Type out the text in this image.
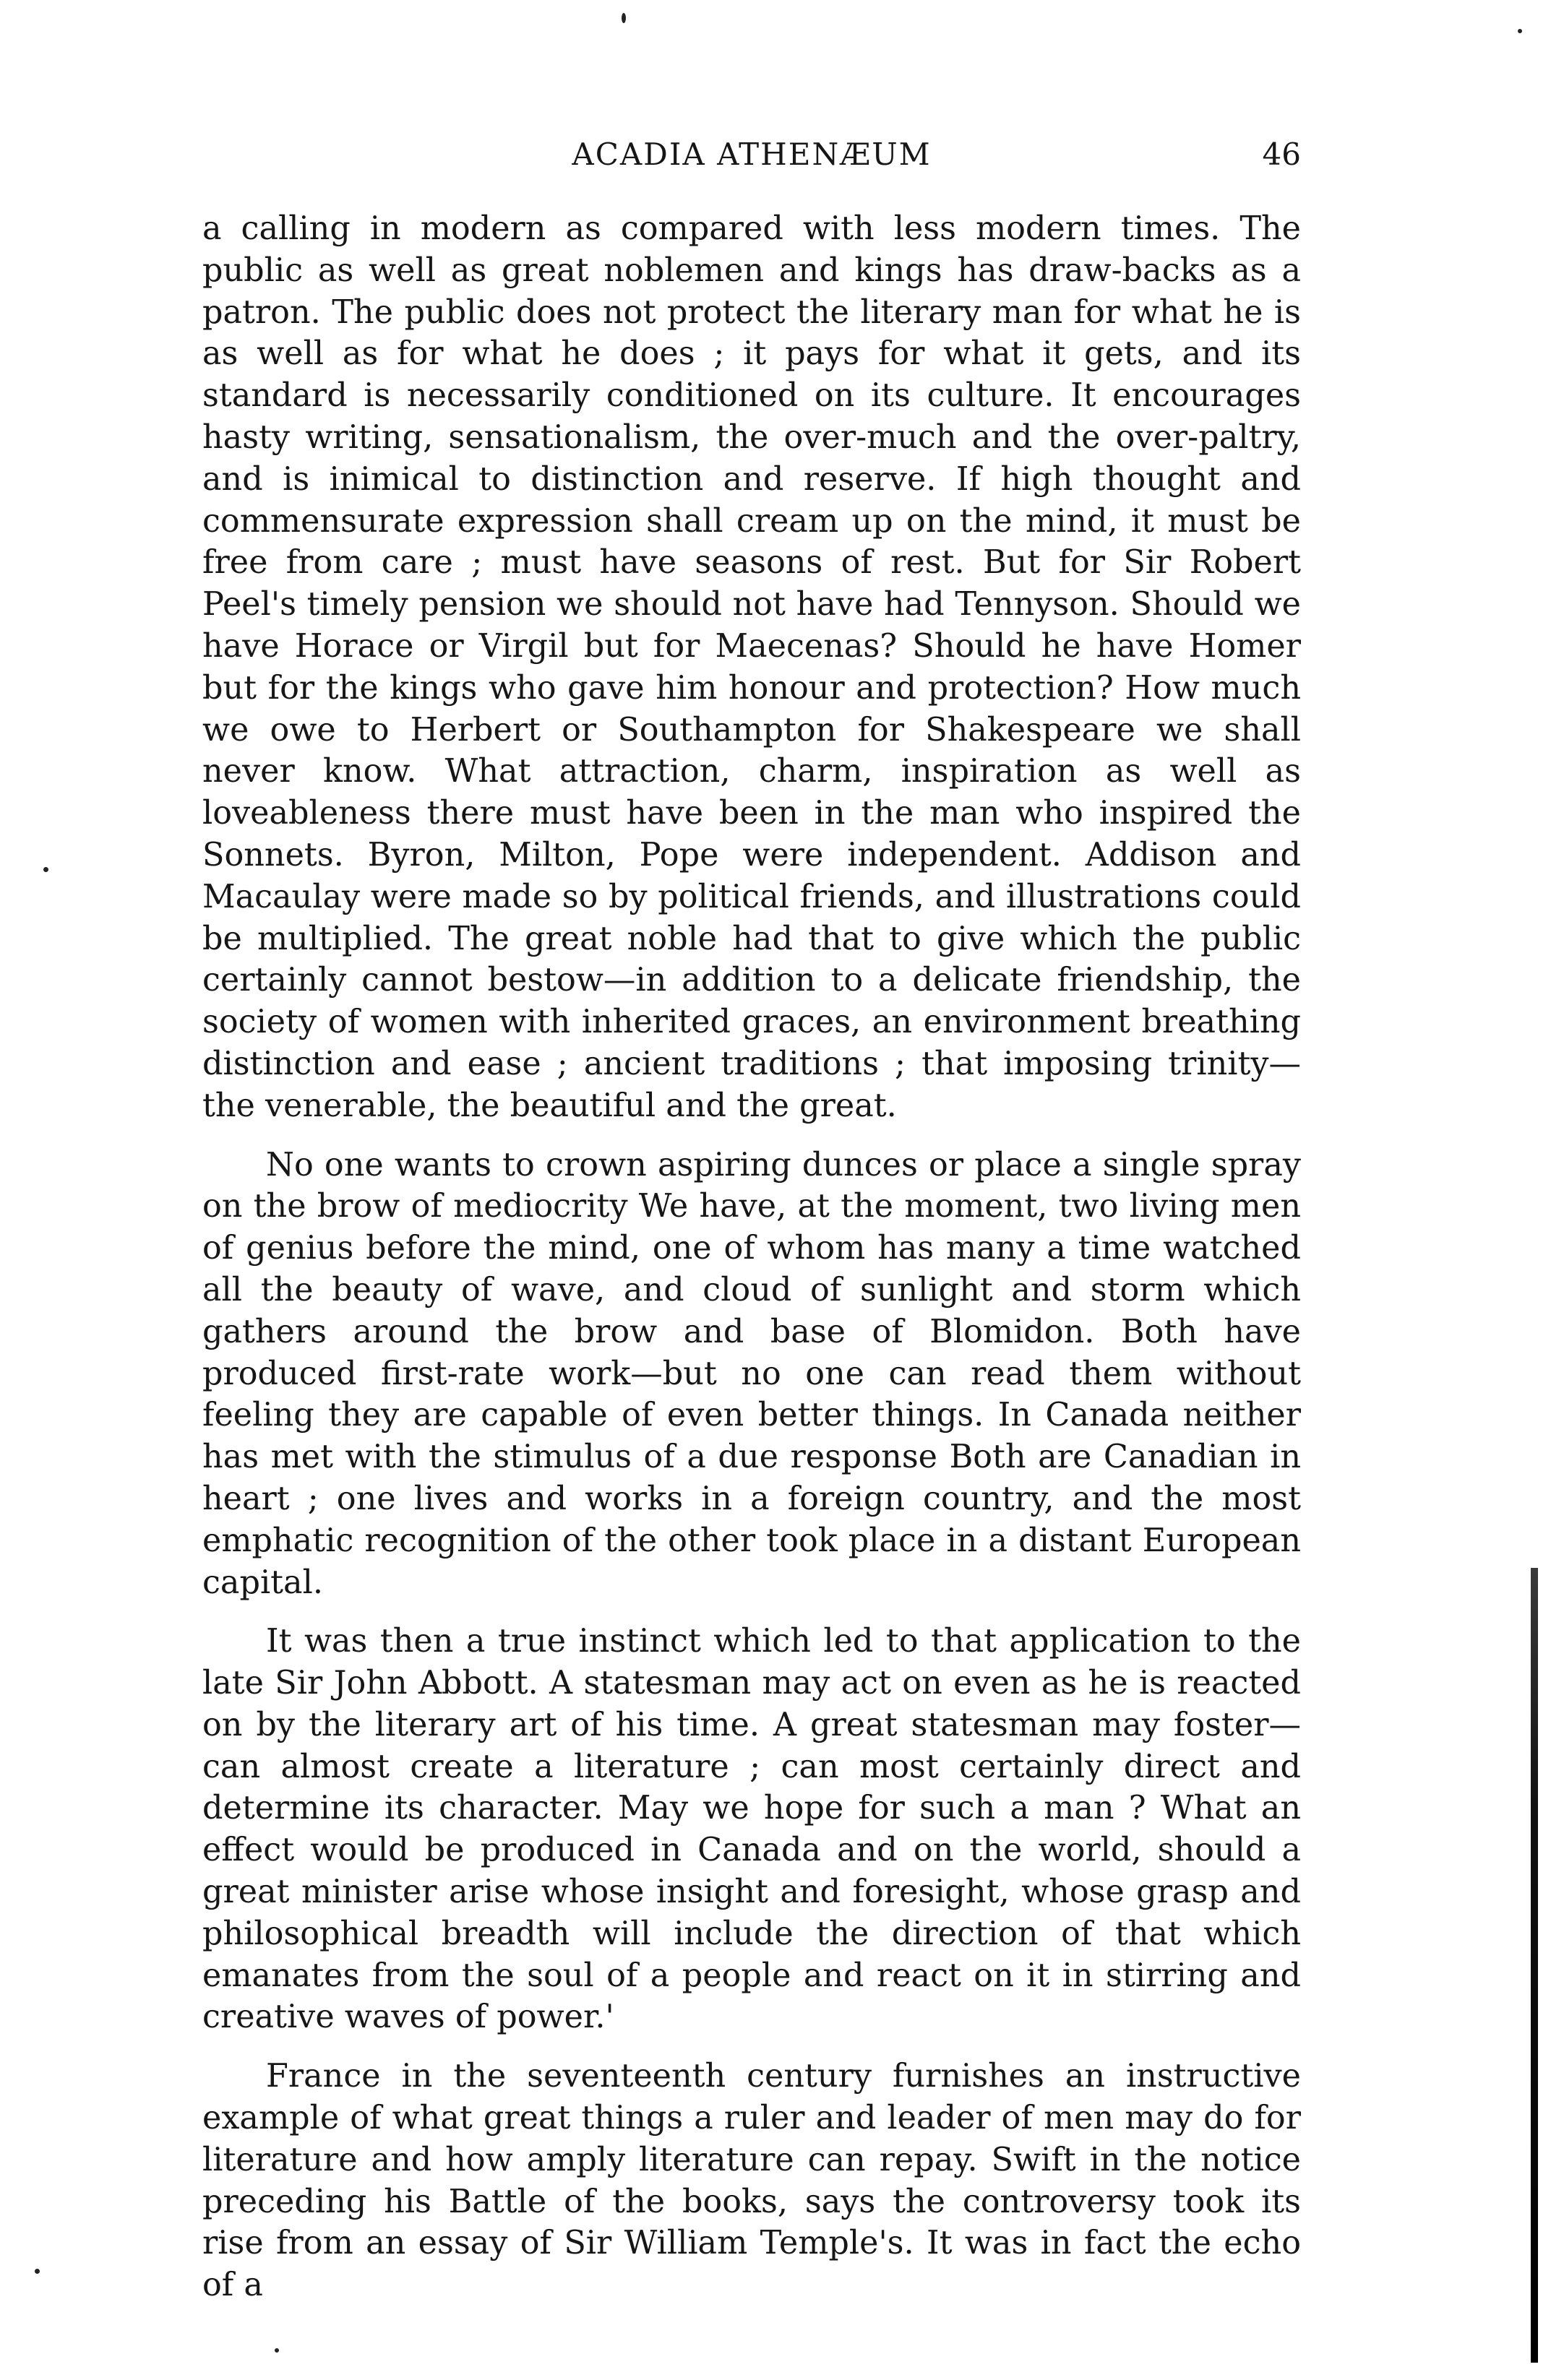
ACADIA ATHENÆUM	46

a calling in modern as compared with less modern times. The public as well as great noblemen and kings has draw-backs as a patron. The public does not protect the literary man for what he is as well as for what he does ; it pays for what it gets, and its standard is necessarily conditioned on its culture. It encourages hasty writing, sensationalism, the over-much and the over-paltry, and is inimical to distinction and reserve. If high thought and commensurate expression shall cream up on the mind, it must be free from care ; must have seasons of rest. But for Sir Robert Peel's timely pension we should not have had Tennyson. Should we have Horace or Virgil but for Maecenas? Should he have Homer but for the kings who gave him honour and protection? How much we owe to Herbert or Southampton for Shakespeare we shall never know. What attraction, charm, inspiration as well as loveableness there must have been in the man who inspired the Sonnets. Byron, Milton, Pope were independent. Addison and Macaulay were made so by political friends, and illustrations could be multiplied. The great noble had that to give which the public certainly cannot bestow—in addition to a delicate friendship, the society of women with inherited graces, an environment breathing distinction and ease ; ancient traditions ; that imposing trinity—the venerable, the beautiful and the great.

No one wants to crown aspiring dunces or place a single spray on the brow of mediocrity We have, at the moment, two living men of genius before the mind, one of whom has many a time watched all the beauty of wave, and cloud of sunlight and storm which gathers around the brow and base of Blomidon. Both have produced first-rate work—but no one can read them without feeling they are capable of even better things. In Canada neither has met with the stimulus of a due response Both are Canadian in heart ; one lives and works in a foreign country, and the most emphatic recognition of the other took place in a distant European capital.

It was then a true instinct which led to that application to the late Sir John Abbott. A statesman may act on even as he is reacted on by the literary art of his time. A great statesman may foster—can almost create a literature ; can most certainly direct and determine its character. May we hope for such a man ? What an effect would be produced in Canada and on the world, should a great minister arise whose insight and foresight, whose grasp and philosophical breadth will include the direction of that which emanates from the soul of a people and react on it in stirring and creative waves of power.'

France in the seventeenth century furnishes an instructive example of what great things a ruler and leader of men may do for literature and how amply literature can repay. Swift in the notice preceding his Battle of the books, says the controversy took its rise from an essay of Sir William Temple's. It was in fact the echo of a
